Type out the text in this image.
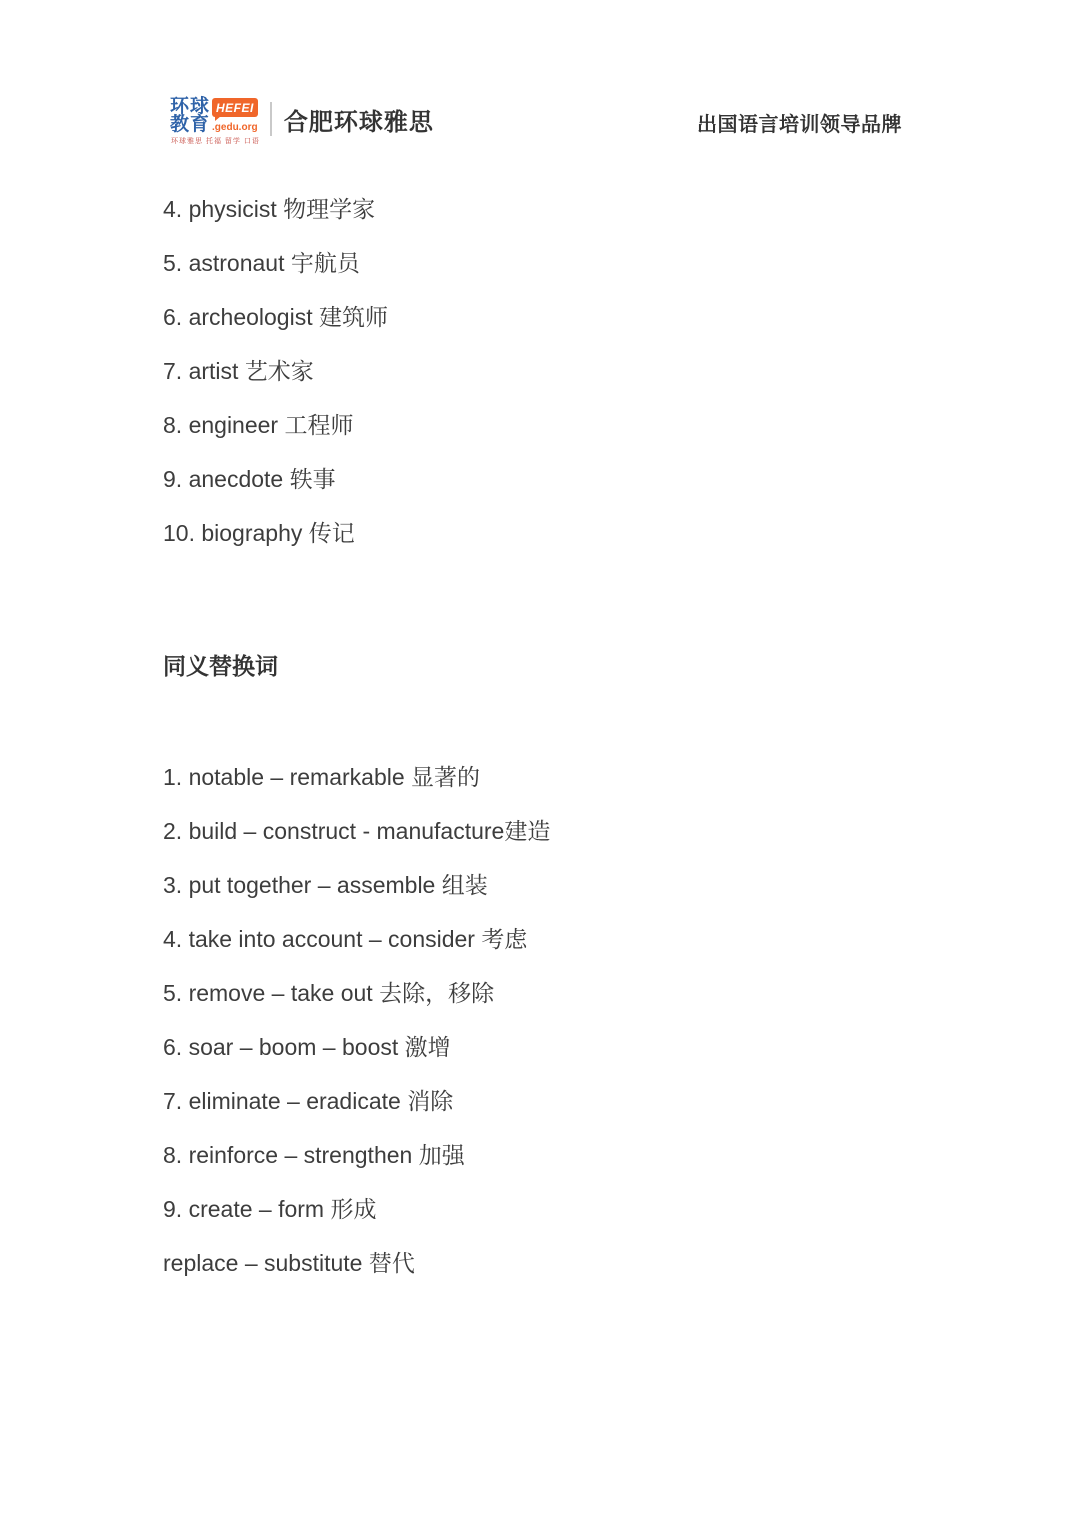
环球
教育
HEFEI
.gedu.org
环球雅思 托福 留学 口语
合肥环球雅思	出国语言培训领导品牌

4. physicist 物理学家

5. astronaut 宇航员

6. archeologist 建筑师

7. artist 艺术家

8. engineer 工程师

9. anecdote 轶事

10. biography 传记

同义替换词

1. notable – remarkable 显著的

2. build – construct - manufacture建造

3. put together – assemble 组装

4. take into account – consider 考虑

5. remove – take out 去除，移除

6. soar – boom – boost 激增

7. eliminate – eradicate 消除

8. reinforce – strengthen 加强

9. create – form 形成

replace – substitute 替代
